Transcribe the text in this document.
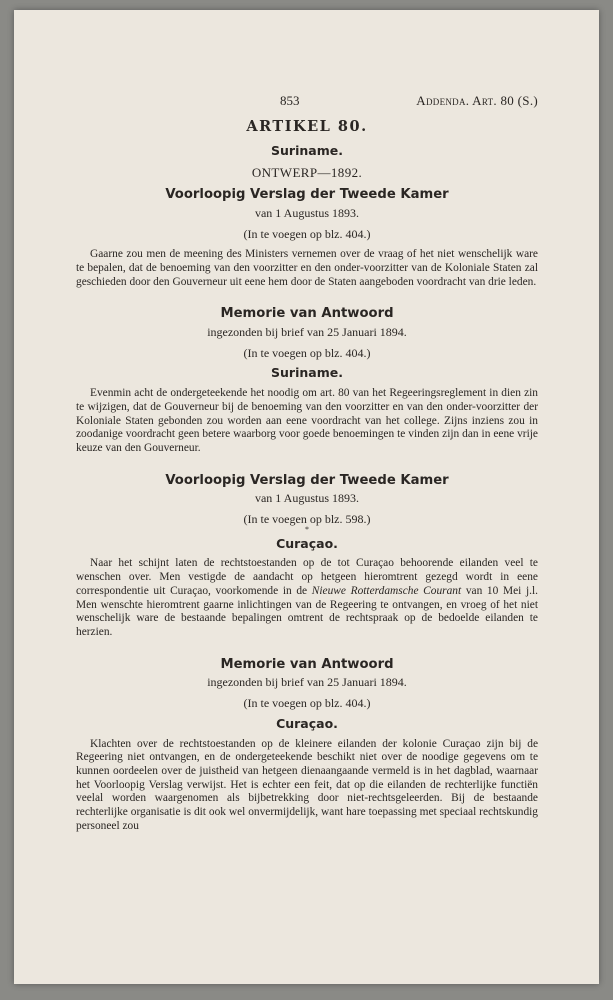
853	Addenda. Art. 80 (S.)
ARTIKEL 80.
Suriname.
ONTWERP—1892.
Voorloopig Verslag der Tweede Kamer
van 1 Augustus 1893.
(In te voegen op blz. 404.)
Gaarne zou men de meening des Ministers vernemen over de vraag of het niet wenschelijk ware te bepalen, dat de benoeming van den voorzitter en den onder-voorzitter van de Koloniale Staten zal geschieden door den Gouverneur uit eene hem door de Staten aangeboden voordracht van drie leden.
Memorie van Antwoord
ingezonden bij brief van 25 Januari 1894.
(In te voegen op blz. 404.)
Suriname.
Evenmin acht de ondergeteekende het noodig om art. 80 van het Regeeringsreglement in dien zin te wijzigen, dat de Gouverneur bij de benoeming van den voorzitter en van den onder-voorzitter der Koloniale Staten gebonden zou worden aan eene voordracht van het college. Zijns inziens zou in zoodanige voordracht geen betere waarborg voor goede benoemingen te vinden zijn dan in eene vrije keuze van den Gouverneur.
Voorloopig Verslag der Tweede Kamer
van 1 Augustus 1893.
(In te voegen op blz. 598.)
*
Curaçao.
Naar het schijnt laten de rechtstoestanden op de tot Curaçao behoorende eilanden veel te wenschen over. Men vestigde de aandacht op hetgeen hieromtrent gezegd wordt in eene correspondentie uit Curaçao, voorkomende in de Nieuwe Rotterdamsche Courant van 10 Mei j.l. Men wenschte hieromtrent gaarne inlichtingen van de Regeering te ontvangen, en vroeg of het niet wenschelijk ware de bestaande bepalingen omtrent de rechtspraak op de bedoelde eilanden te herzien.
Memorie van Antwoord
ingezonden bij brief van 25 Januari 1894.
(In te voegen op blz. 404.)
Curaçao.
Klachten over de rechtstoestanden op de kleinere eilanden der kolonie Curaçao zijn bij de Regeering niet ontvangen, en de ondergeteekende beschikt niet over de noodige gegevens om te kunnen oordeelen over de juistheid van hetgeen dienaangaande vermeld is in het dagblad, waarnaar het Voorloopig Verslag verwijst. Het is echter een feit, dat op die eilanden de rechterlijke functiën veelal worden waargenomen als bijbetrekking door niet-rechtsgeleerden. Bij de bestaande rechterlijke organisatie is dit ook wel onvermijdelijk, want hare toepassing met speciaal rechtskundig personeel zou
